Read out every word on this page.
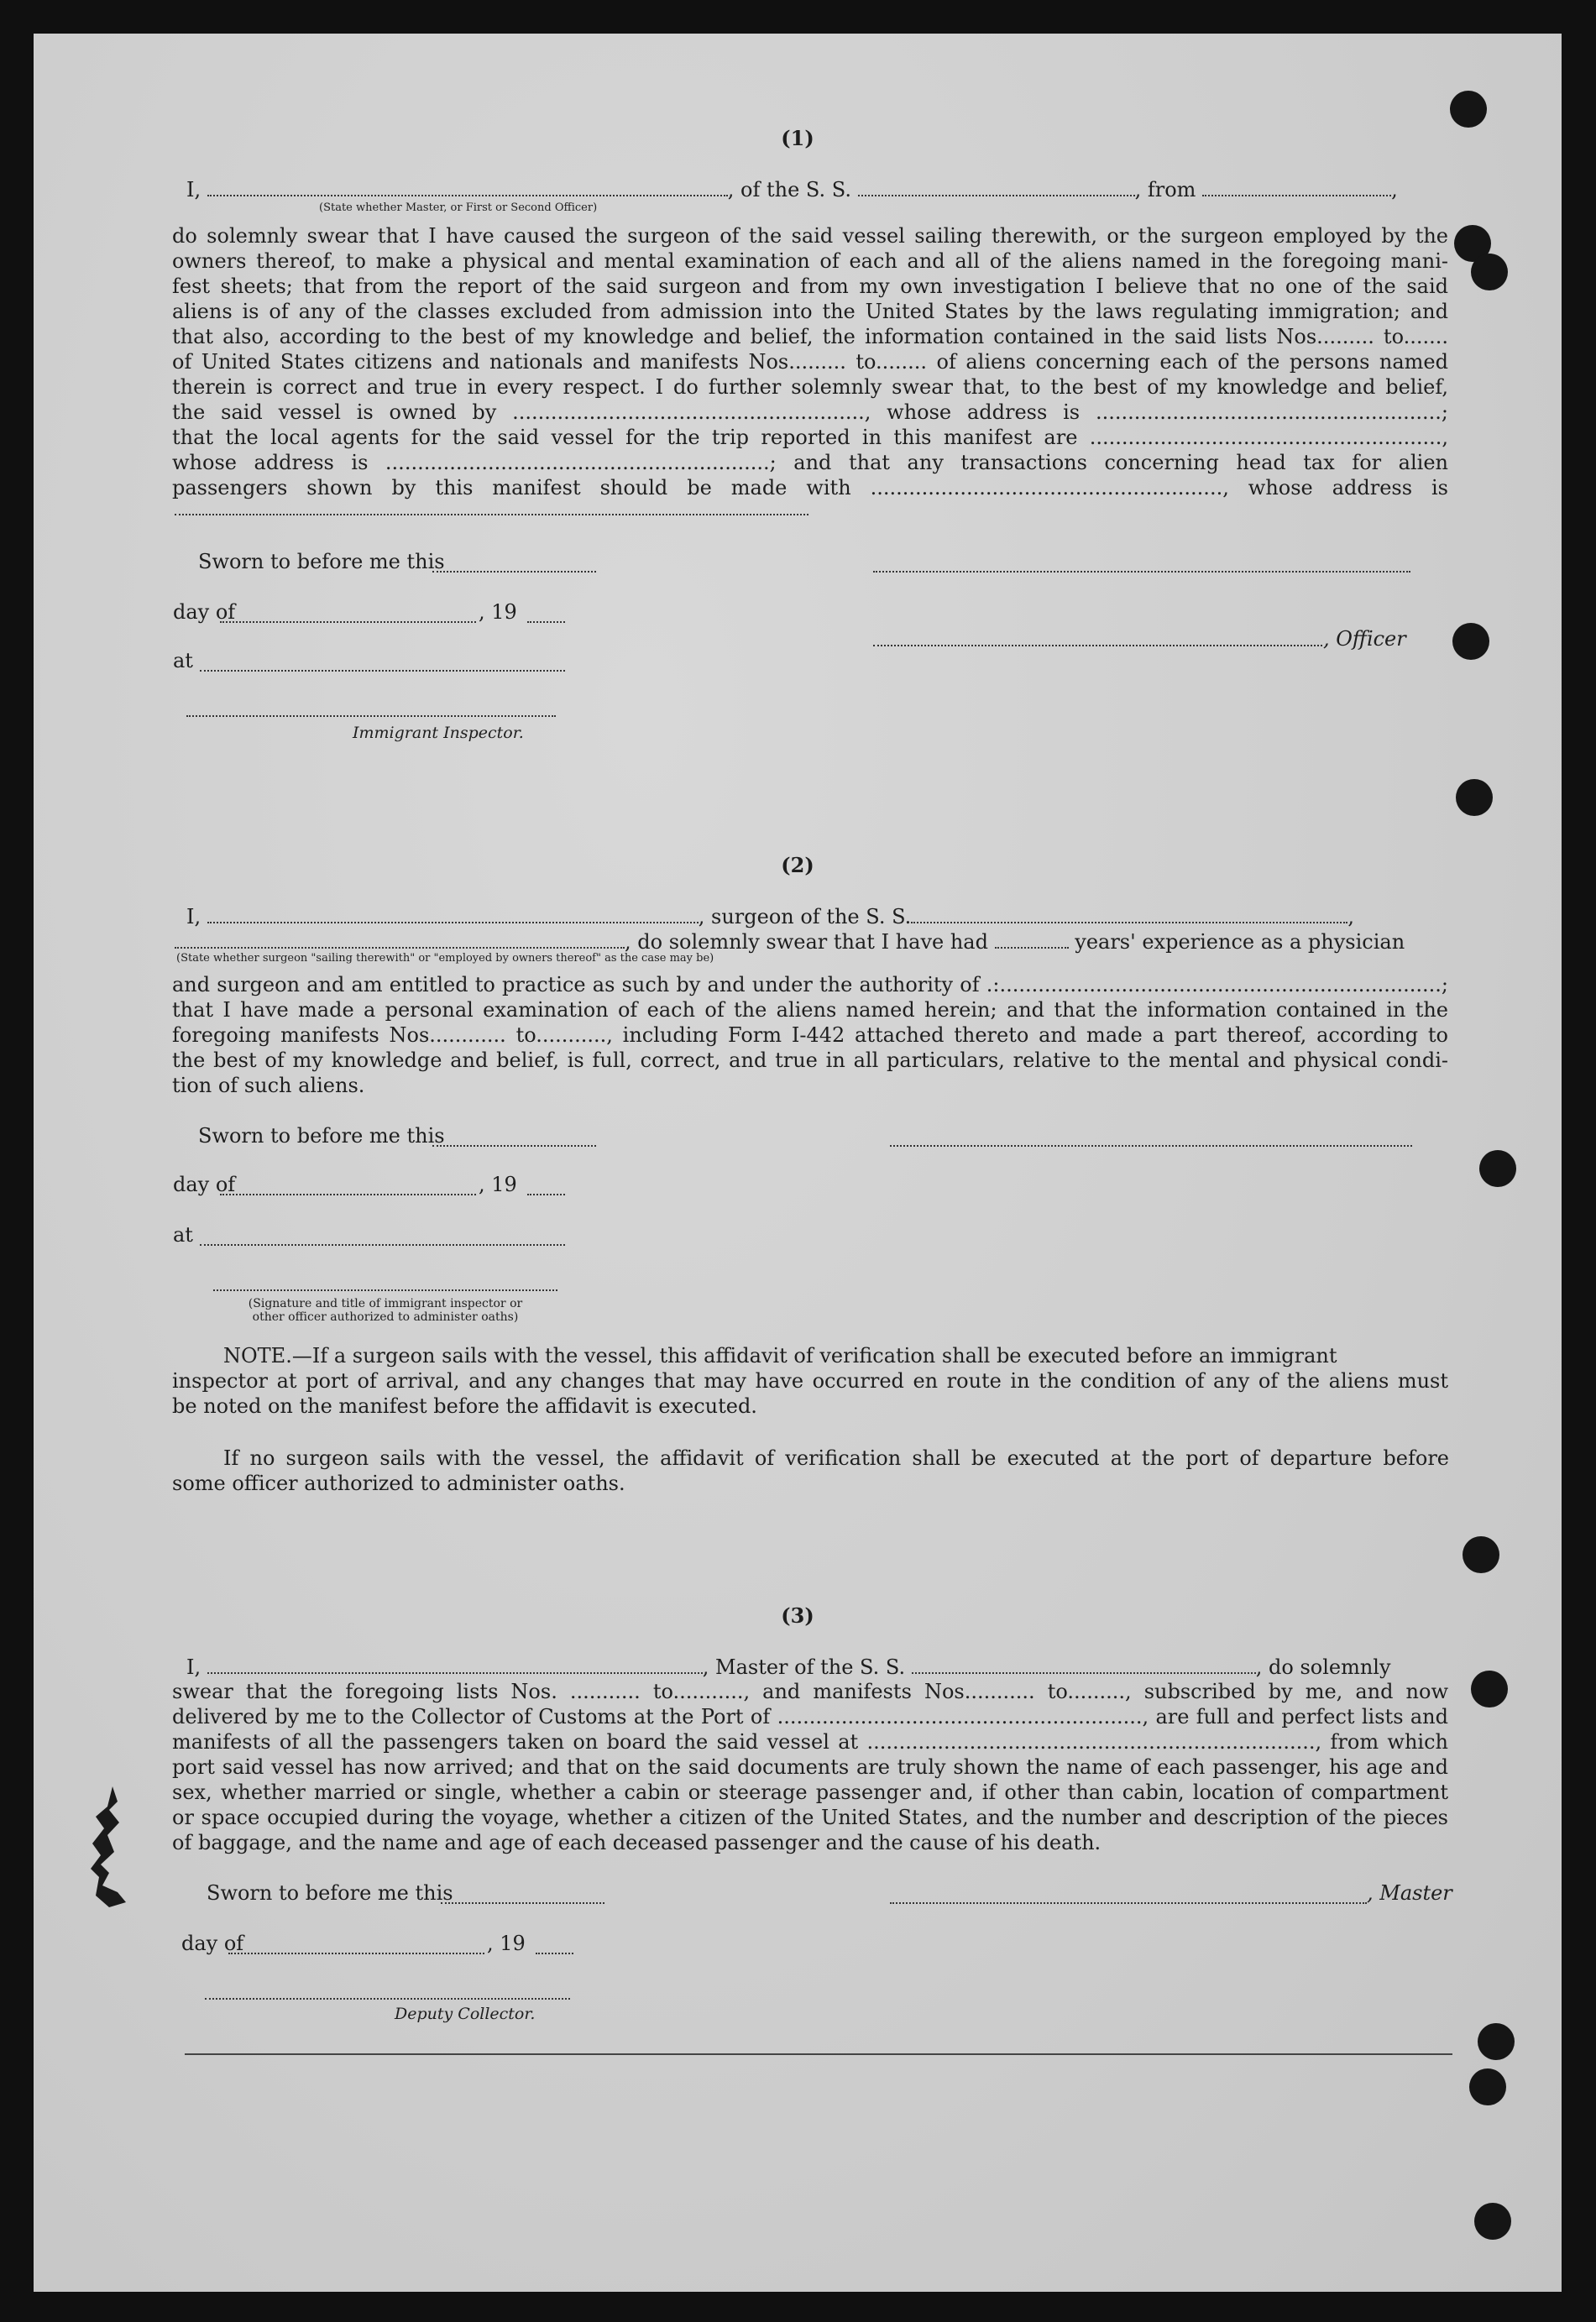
(1)
I,	, of the S. S.	, from	,
(State whether Master, or First or Second Officer)
do solemnly swear that I have caused the surgeon of the said vessel sailing therewith, or the surgeon employed by the
owners thereof, to make a physical and mental examination of each and all of the aliens named in the foregoing mani-
fest sheets; that from the report of the said surgeon and from my own investigation I believe that no one of the said
aliens is of any of the classes excluded from admission into the United States by the laws regulating immigration; and
that also, according to the best of my knowledge and belief, the information contained in the said lists Nos......... to.......
of United States citizens and nationals and manifests Nos......... to........ of aliens concerning each of the persons named
therein is correct and true in every respect. I do further solemnly swear that, to the best of my knowledge and belief,
the said vessel is owned by ......................................................., whose address is ......................................................;
that the local agents for the said vessel for the trip reported in this manifest are .......................................................,
whose address is ............................................................; and that any transactions concerning head tax for alien
passengers shown by this manifest should be made with ......................................................., whose address is
Sworn to before me this
day of	, 19
, Officer
at
Immigrant Inspector.
(2)
I,	, surgeon of the S. S.	,
, do solemnly swear that I have had	years' experience as a physician
(State whether surgeon "sailing therewith" or "employed by owners thereof" as the case may be)
and surgeon and am entitled to practice as such by and under the authority of .:.....................................................................;
that I have made a personal examination of each of the aliens named herein; and that the information contained in the
foregoing manifests Nos............ to..........., including Form I-442 attached thereto and made a part thereof, according to
the best of my knowledge and belief, is full, correct, and true in all particulars, relative to the mental and physical condi-
tion of such aliens.
Sworn to before me this
day of	, 19
at
(Signature and title of immigrant inspector or
other officer authorized to administer oaths)
NOTE.—If a surgeon sails with the vessel, this affidavit of verification shall be executed before an immigrant
inspector at port of arrival, and any changes that may have occurred en route in the condition of any of the aliens must
be noted on the manifest before the affidavit is executed.
If no surgeon sails with the vessel, the affidavit of verification shall be executed at the port of departure before
some officer authorized to administer oaths.
(3)
I,	, Master of the S. S.	, do solemnly
swear that the foregoing lists Nos. ........... to..........., and manifests Nos........... to........., subscribed by me, and now
delivered by me to the Collector of Customs at the Port of ........................................................., are full and perfect lists and
manifests of all the passengers taken on board the said vessel at ......................................................................, from which
port said vessel has now arrived; and that on the said documents are truly shown the name of each passenger, his age and
sex, whether married or single, whether a cabin or steerage passenger and, if other than cabin, location of compartment
or space occupied during the voyage, whether a citizen of the United States, and the number and description of the pieces
of baggage, and the name and age of each deceased passenger and the cause of his death.
Sworn to before me this	, Master
day of	, 19
Deputy Collector.
